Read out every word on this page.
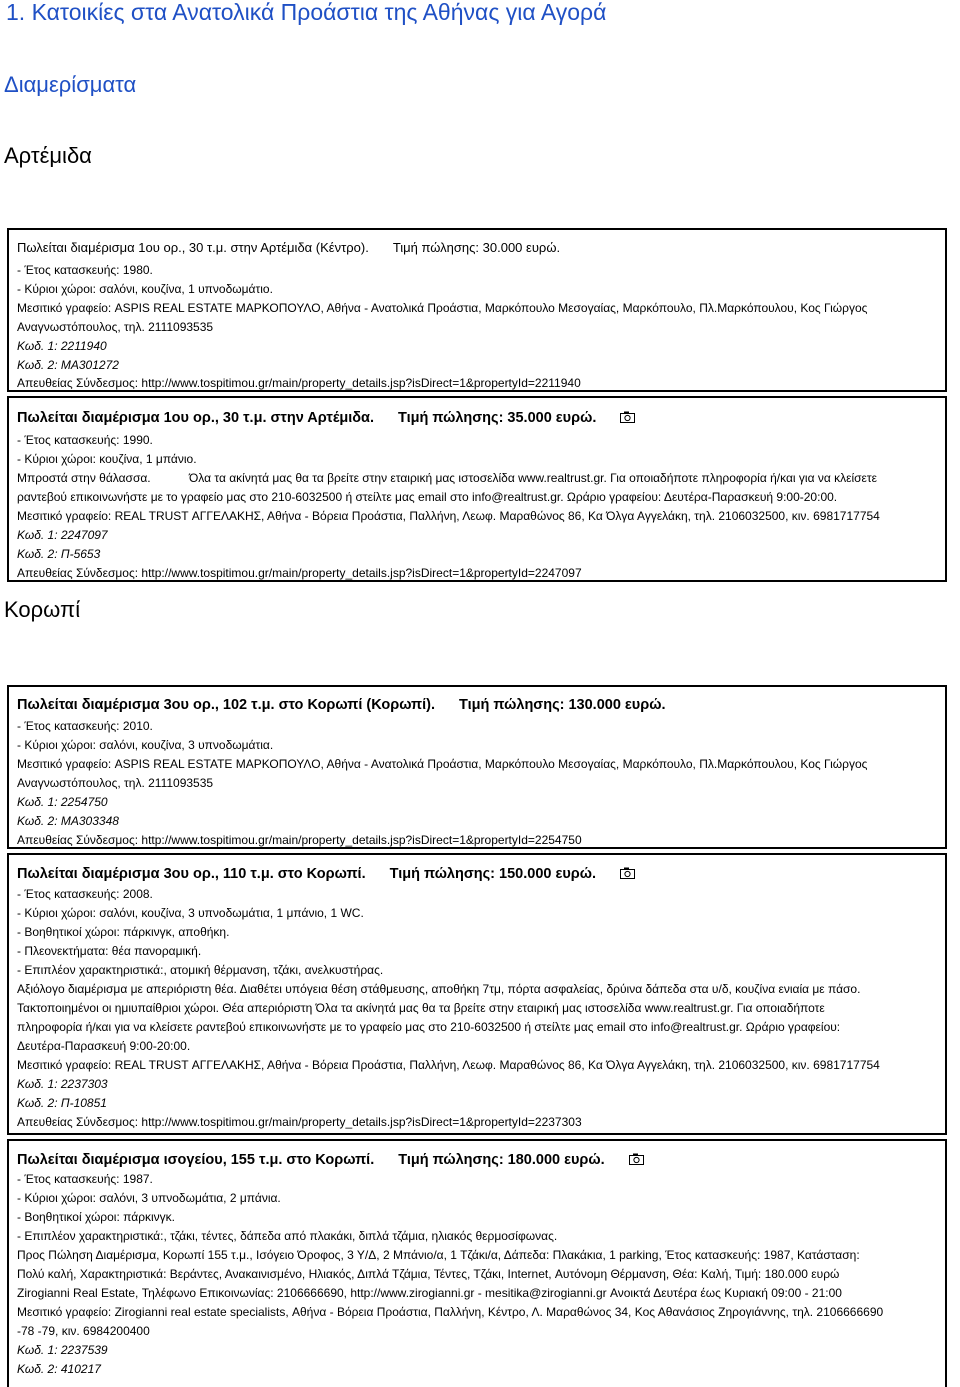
1. Κατοικίες στα Ανατολικά Προάστια της Αθήνας για Αγορά
Διαμερίσματα
Αρτέμιδα
Πωλείται διαμέρισμα 1ου ορ., 30 τ.μ. στην Αρτέμιδα (Κέντρο). Τιμή πώλησης: 30.000 ευρώ.
- Έτος κατασκευής: 1980.
- Κύριοι χώροι: σαλόνι, κουζίνα, 1 υπνοδωμάτιο.
Μεσιτικό γραφείο: ASPIS REAL ESTATE ΜΑΡΚΟΠΟΥΛΟ, Αθήνα - Ανατολικά Προάστια, Μαρκόπουλο Μεσογαίας, Μαρκόπουλο, Πλ.Μαρκόπουλου, Κος Γιώργος
Αναγνωστόπουλος, τηλ. 2111093535
Κωδ. 1: 2211940
Κωδ. 2: MA301272
Απευθείας Σύνδεσμος: http://www.tospitimou.gr/main/property_details.jsp?isDirect=1&propertyId=2211940
Πωλείται διαμέρισμα 1ου ορ., 30 τ.μ. στην Αρτέμιδα. Τιμή πώλησης: 35.000 ευρώ.
- Έτος κατασκευής: 1990.
- Κύριοι χώροι: κουζίνα, 1 μπάνιο.
Μπροστά στην θάλασσα.	Όλα τα ακίνητά μας θα τα βρείτε στην εταιρική μας ιστοσελίδα www.realtrust.gr. Για οποιαδήποτε πληροφορία ή/και για να κλείσετε
ραντεβού επικοινωνήστε με το γραφείο μας στο 210-6032500 ή στείλτε μας email στο info@realtrust.gr. Ωράριο γραφείου: Δευτέρα-Παρασκευή 9:00-20:00.
Μεσιτικό γραφείο: REAL TRUST ΑΓΓΕΛΑΚΗΣ, Αθήνα - Βόρεια Προάστια, Παλλήνη, Λεωφ. Μαραθώνος 86, Κα Όλγα Αγγελάκη, τηλ. 2106032500, κιν. 6981717754
Κωδ. 1: 2247097
Κωδ. 2: Π-5653
Απευθείας Σύνδεσμος: http://www.tospitimou.gr/main/property_details.jsp?isDirect=1&propertyId=2247097
Κορωπί
Πωλείται διαμέρισμα 3ου ορ., 102 τ.μ. στο Κορωπί (Κορωπί). Τιμή πώλησης: 130.000 ευρώ.
- Έτος κατασκευής: 2010.
- Κύριοι χώροι: σαλόνι, κουζίνα, 3 υπνοδωμάτια.
Μεσιτικό γραφείο: ASPIS REAL ESTATE ΜΑΡΚΟΠΟΥΛΟ, Αθήνα - Ανατολικά Προάστια, Μαρκόπουλο Μεσογαίας, Μαρκόπουλο, Πλ.Μαρκόπουλου, Κος Γιώργος
Αναγνωστόπουλος, τηλ. 2111093535
Κωδ. 1: 2254750
Κωδ. 2: MA303348
Απευθείας Σύνδεσμος: http://www.tospitimou.gr/main/property_details.jsp?isDirect=1&propertyId=2254750
Πωλείται διαμέρισμα 3ου ορ., 110 τ.μ. στο Κορωπί. Τιμή πώλησης: 150.000 ευρώ.
- Έτος κατασκευής: 2008.
- Κύριοι χώροι: σαλόνι, κουζίνα, 3 υπνοδωμάτια, 1 μπάνιο, 1 WC.
- Βοηθητικοί χώροι: πάρκινγκ, αποθήκη.
- Πλεονεκτήματα: θέα πανοραμική.
- Επιπλέον χαρακτηριστικά:, ατομική θέρμανση, τζάκι, ανελκυστήρας.
Αξιόλογο διαμέρισμα με απεριόριστη θέα. Διαθέτει υπόγεια θέση στάθμευσης, αποθήκη 7τμ, πόρτα ασφαλείας, δρύινα δάπεδα στα υ/δ, κουζίνα ενιαία με πάσο.
Τακτοποιημένοι οι ημιυπαίθριοι χώροι. Θέα απεριόριστη Όλα τα ακίνητά μας θα τα βρείτε στην εταιρική μας ιστοσελίδα www.realtrust.gr. Για οποιαδήποτε
πληροφορία ή/και για να κλείσετε ραντεβού επικοινωνήστε με το γραφείο μας στο 210-6032500 ή στείλτε μας email στο info@realtrust.gr. Ωράριο γραφείου:
Δευτέρα-Παρασκευή 9:00-20:00.
Μεσιτικό γραφείο: REAL TRUST ΑΓΓΕΛΑΚΗΣ, Αθήνα - Βόρεια Προάστια, Παλλήνη, Λεωφ. Μαραθώνος 86, Κα Όλγα Αγγελάκη, τηλ. 2106032500, κιν. 6981717754
Κωδ. 1: 2237303
Κωδ. 2: Π-10851
Απευθείας Σύνδεσμος: http://www.tospitimou.gr/main/property_details.jsp?isDirect=1&propertyId=2237303
Πωλείται διαμέρισμα ισογείου, 155 τ.μ. στο Κορωπί. Τιμή πώλησης: 180.000 ευρώ.
- Έτος κατασκευής: 1987.
- Κύριοι χώροι: σαλόνι, 3 υπνοδωμάτια, 2 μπάνια.
- Βοηθητικοί χώροι: πάρκινγκ.
- Επιπλέον χαρακτηριστικά:, τζάκι, τέντες, δάπεδα από πλακάκι, διπλά τζάμια, ηλιακός θερμοσίφωνας.
Προς Πώληση Διαμέρισμα, Κορωπί 155 τ.μ., Ισόγειο Όροφος, 3 Υ/Δ, 2 Μπάνιο/α, 1 Τζάκι/α, Δάπεδα: Πλακάκια, 1 parking, Έτος κατασκευής: 1987, Κατάσταση:
Πολύ καλή, Χαρακτηριστικά: Βεράντες, Ανακαινισμένο, Ηλιακός, Διπλά Τζάμια, Τέντες, Τζάκι, Internet, Αυτόνομη Θέρμανση, Θέα: Καλή, Τιμή: 180.000 ευρώ
Zirogianni Real Estate, Τηλέφωνο Επικοινωνίας: 2106666690, http://www.zirogianni.gr - mesitika@zirogianni.gr Ανοικτά Δευτέρα έως Κυριακή 09:00 - 21:00
Μεσιτικό γραφείο: Zirogianni real estate specialists, Αθήνα - Βόρεια Προάστια, Παλλήνη, Κέντρο, Λ. Μαραθώνος 34, Κος Αθανάσιος Ζηρογιάννης, τηλ. 2106666690
-78 -79, κιν. 6984200400
Κωδ. 1: 2237539
Κωδ. 2: 410217
